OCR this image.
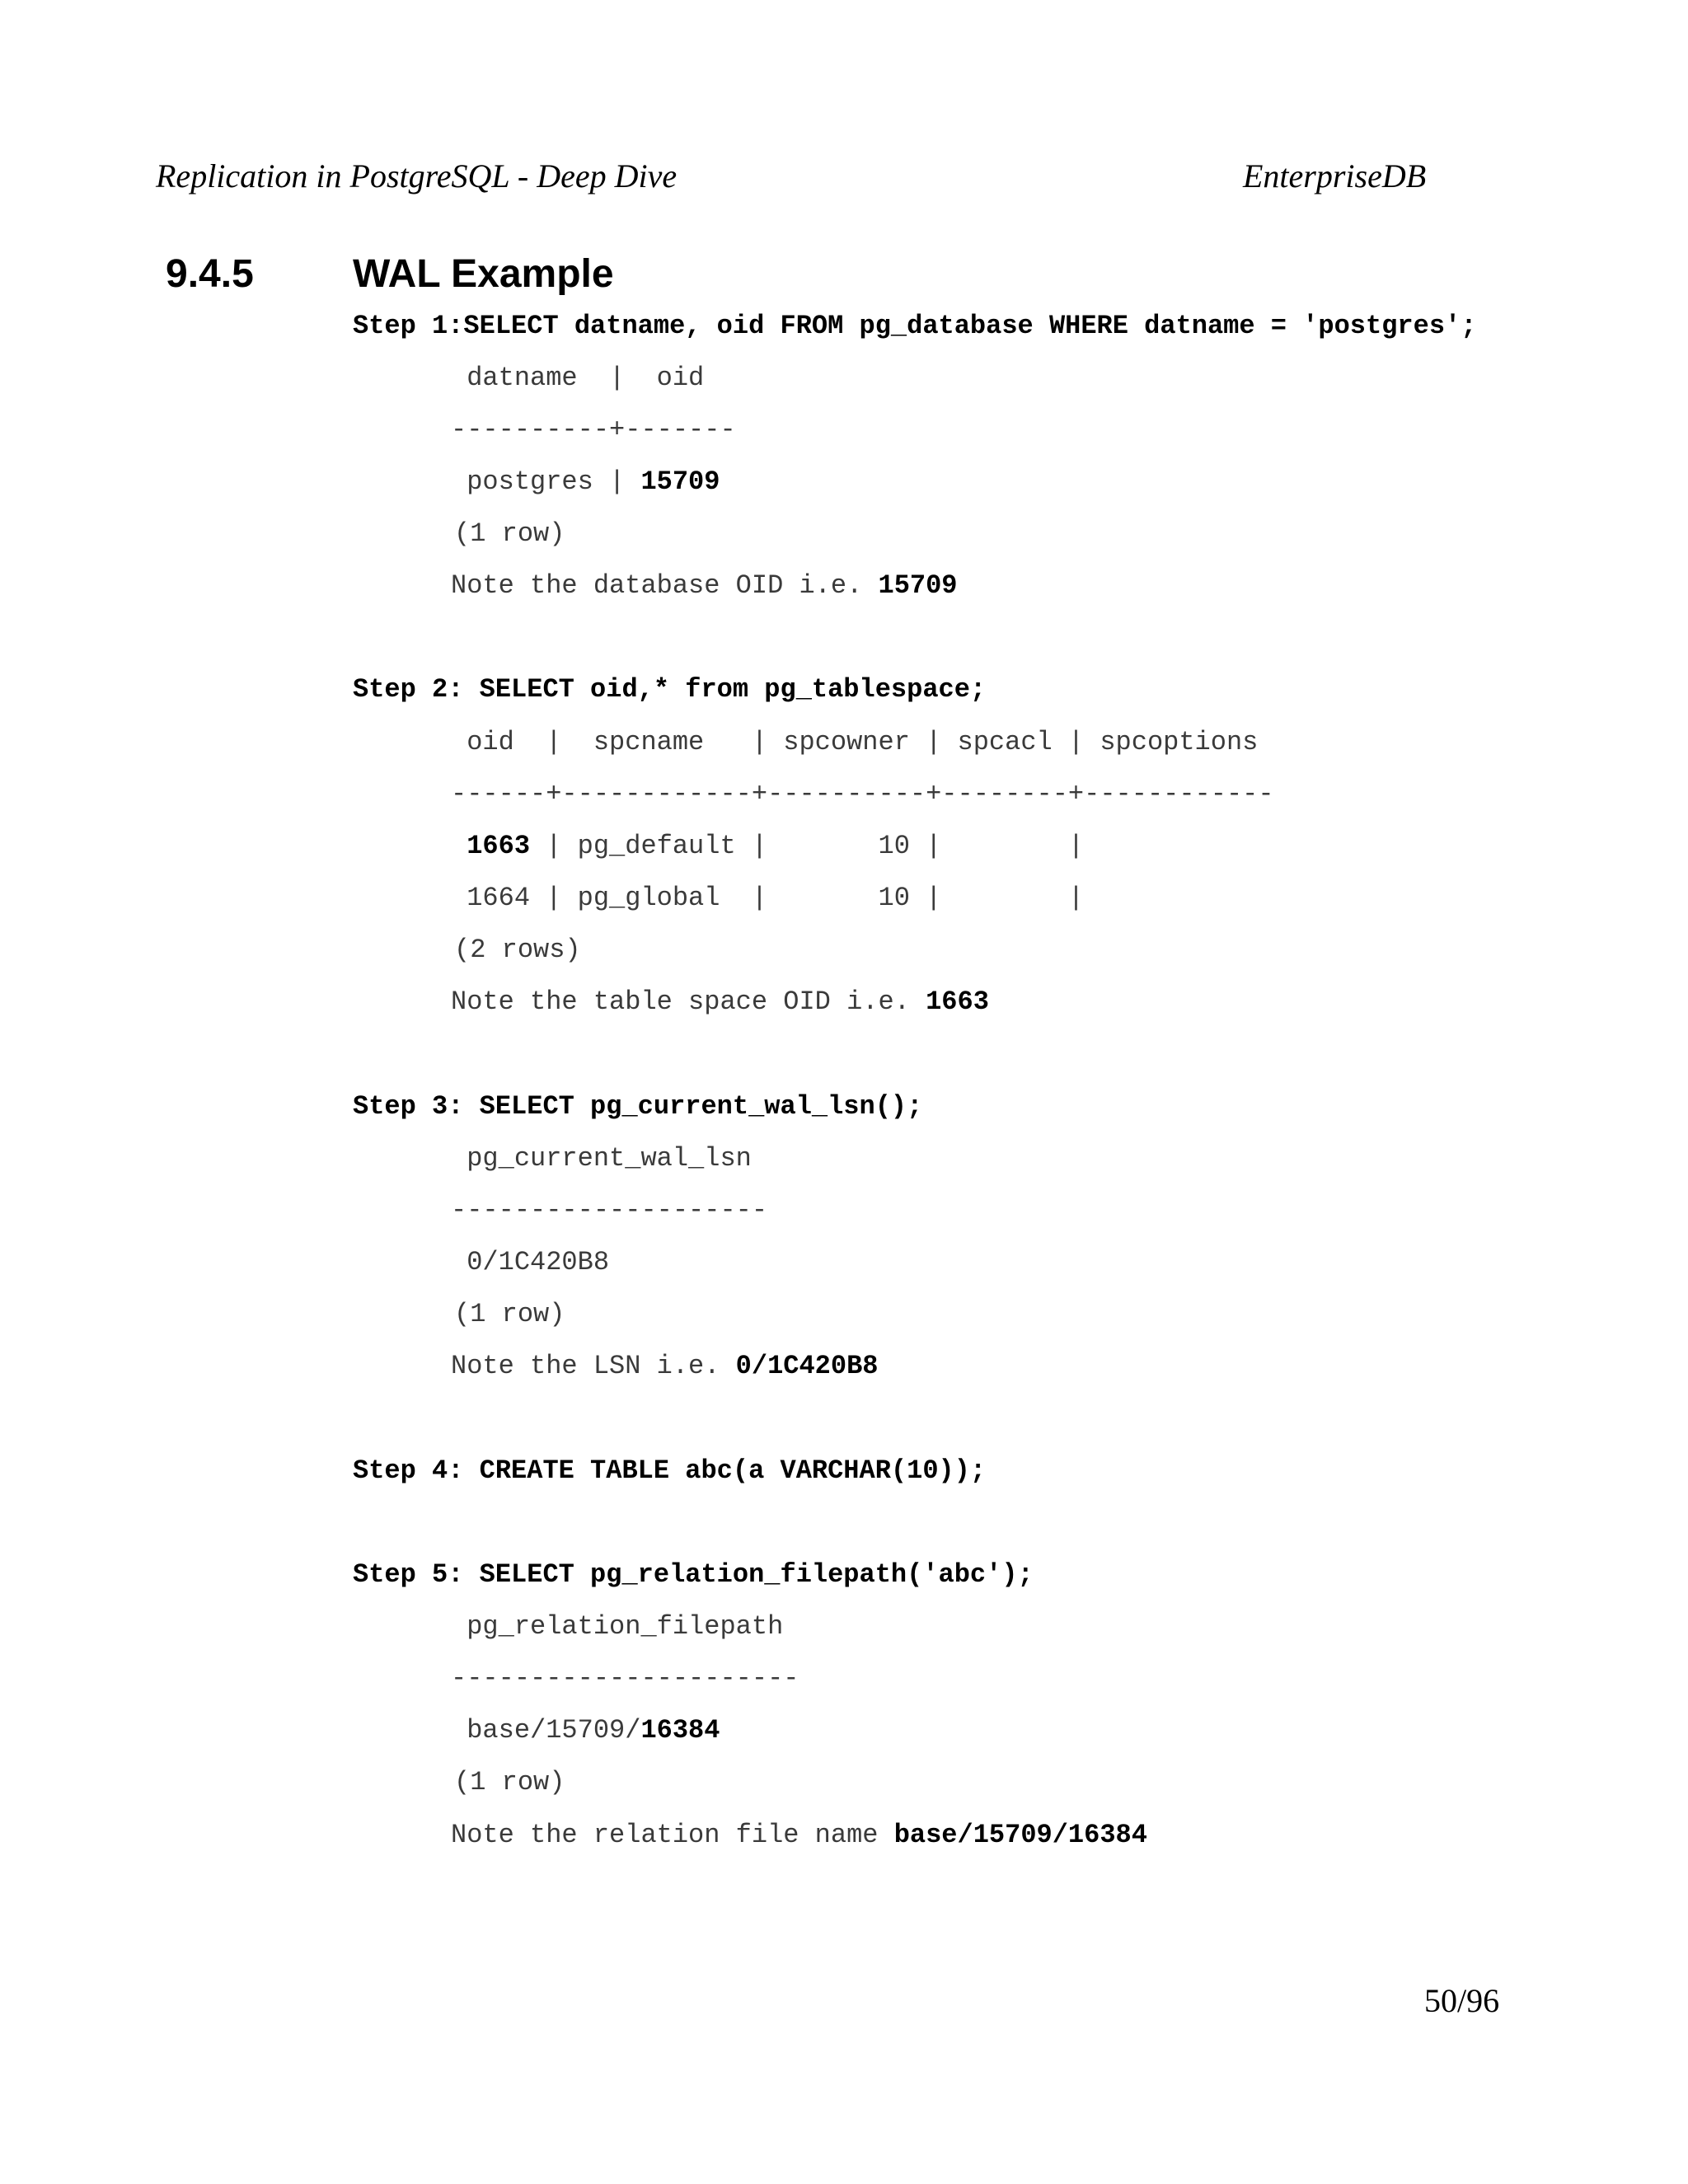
Replication in PostgreSQL - Deep Dive	EnterpriseDB
9.4.5	WAL Example
Step 1:SELECT datname, oid FROM pg_database WHERE datname = 'postgres';
datname  |  oid
----------+-------
postgres | 15709
(1 row)
Note the database OID i.e. 15709
Step 2: SELECT oid,* from pg_tablespace;
oid  |  spcname   | spcowner | spcacl | spcoptions
------+------------+----------+--------+------------
1663 | pg_default |       10 |        |
1664 | pg_global  |       10 |        |
(2 rows)
Note the table space OID i.e. 1663
Step 3: SELECT pg_current_wal_lsn();
pg_current_wal_lsn
--------------------
0/1C420B8
(1 row)
Note the LSN i.e. 0/1C420B8
Step 4: CREATE TABLE abc(a VARCHAR(10));
Step 5: SELECT pg_relation_filepath('abc');
pg_relation_filepath
----------------------
base/15709/16384
(1 row)
Note the relation file name base/15709/16384
50/96
